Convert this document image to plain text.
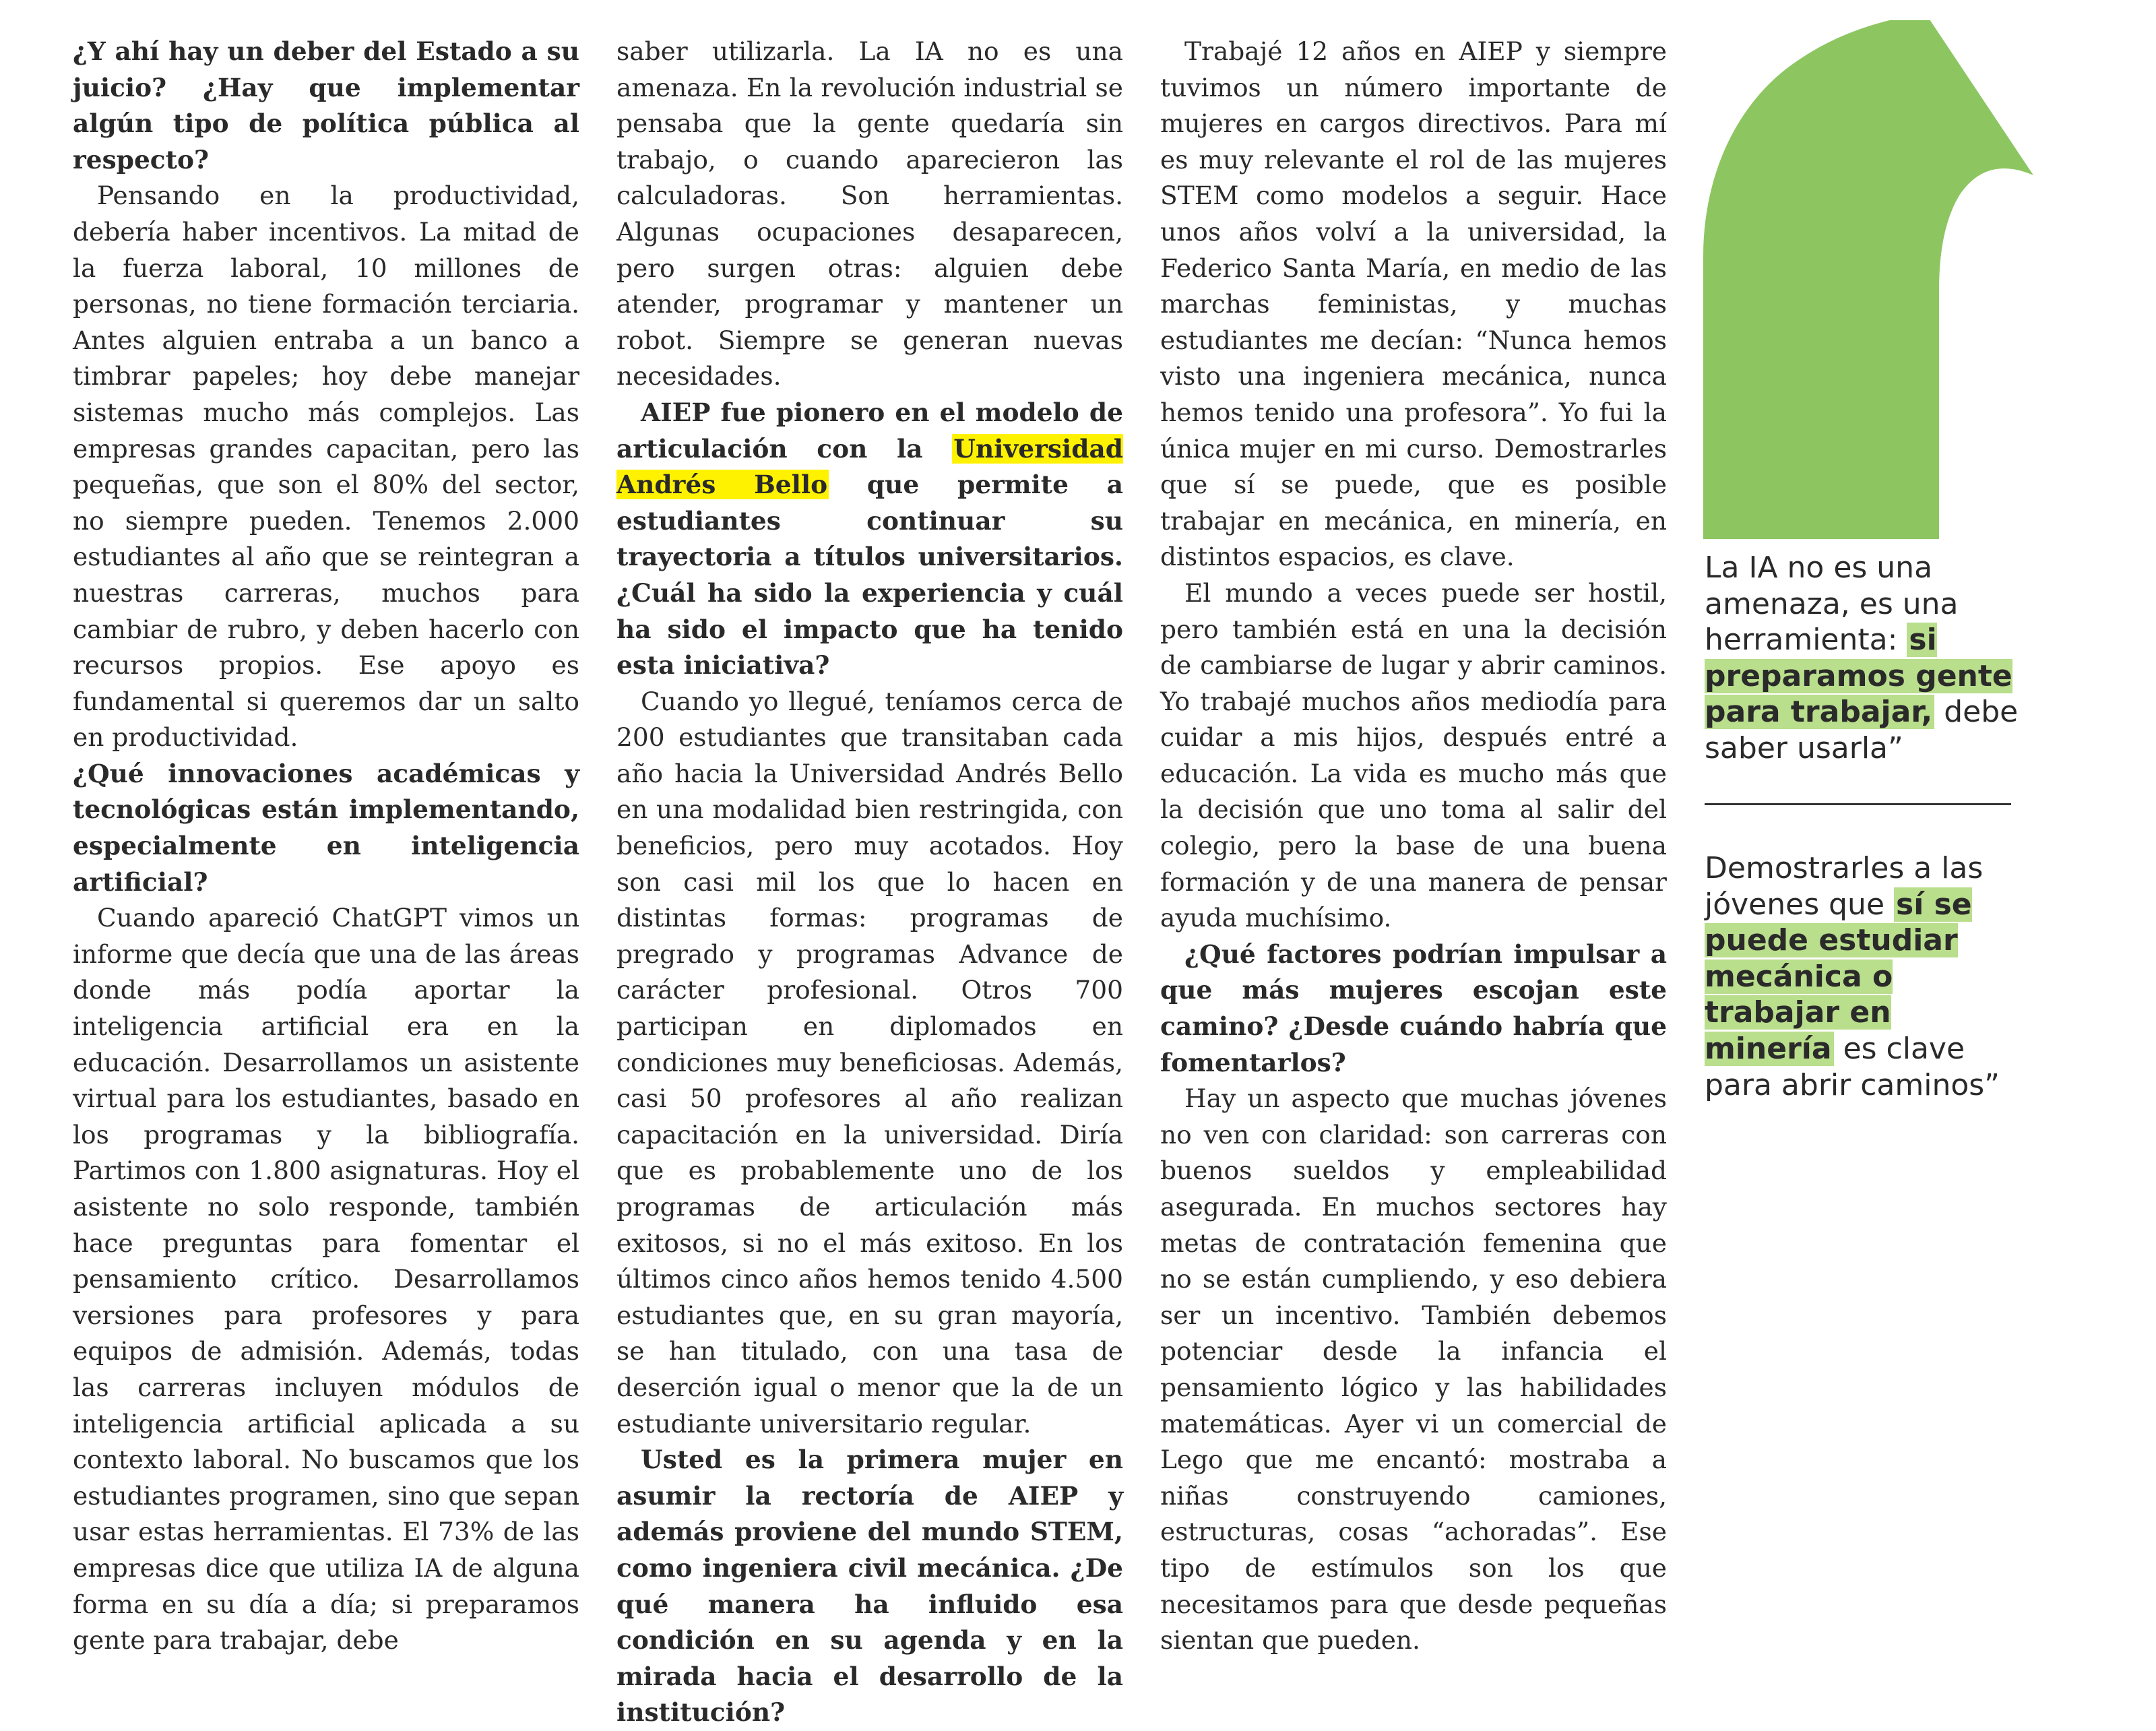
¿Y ahí hay un deber del Estado a su juicio? ¿Hay que implementar algún tipo de política pública al respecto?

Pensando en la productividad, debería haber incentivos. La mitad de la fuerza laboral, 10 millones de personas, no tiene formación terciaria. Antes alguien entraba a un banco a timbrar papeles; hoy debe manejar sistemas mucho más complejos. Las empresas grandes capacitan, pero las pequeñas, que son el 80% del sector, no siempre pueden. Tenemos 2.000 estudiantes al año que se reintegran a nuestras carreras, muchos para cambiar de rubro, y deben hacerlo con recursos propios. Ese apoyo es fundamental si queremos dar un salto en productividad.

¿Qué innovaciones académicas y tecnológicas están implementando, especialmente en inteligencia artificial?

Cuando apareció ChatGPT vimos un informe que decía que una de las áreas donde más podía aportar la inteligencia artificial era en la educación. Desarrollamos un asistente virtual para los estudiantes, basado en los programas y la bibliografía. Partimos con 1.800 asignaturas. Hoy el asistente no solo responde, también hace preguntas para fomentar el pensamiento crítico. Desarrollamos versiones para profesores y para equipos de admisión. Además, todas las carreras incluyen módulos de inteligencia artificial aplicada a su contexto laboral. No buscamos que los estudiantes programen, sino que sepan usar estas herramientas. El 73% de las empresas dice que utiliza IA de alguna forma en su día a día; si preparamos gente para trabajar, debe

saber utilizarla. La IA no es una amenaza. En la revolución industrial se pensaba que la gente quedaría sin trabajo, o cuando aparecieron las calculadoras. Son herramientas. Algunas ocupaciones desaparecen, pero surgen otras: alguien debe atender, programar y mantener un robot. Siempre se generan nuevas necesidades.

AIEP fue pionero en el modelo de articulación con la Universidad Andrés Bello que permite a estudiantes continuar su trayectoria a títulos universitarios. ¿Cuál ha sido la experiencia y cuál ha sido el impacto que ha tenido esta iniciativa?

Cuando yo llegué, teníamos cerca de 200 estudiantes que transitaban cada año hacia la Universidad Andrés Bello en una modalidad bien restringida, con beneficios, pero muy acotados. Hoy son casi mil los que lo hacen en distintas formas: programas de pregrado y programas Advance de carácter profesional. Otros 700 participan en diplomados en condiciones muy beneficiosas. Además, casi 50 profesores al año realizan capacitación en la universidad. Diría que es probablemente uno de los programas de articulación más exitosos, si no el más exitoso. En los últimos cinco años hemos tenido 4.500 estudiantes que, en su gran mayoría, se han titulado, con una tasa de deserción igual o menor que la de un estudiante universitario regular.

Usted es la primera mujer en asumir la rectoría de AIEP y además proviene del mundo STEM, como ingeniera civil mecánica. ¿De qué manera ha influido esa condición en su agenda y en la mirada hacia el desarrollo de la institución?

Trabajé 12 años en AIEP y siempre tuvimos un número importante de mujeres en cargos directivos. Para mí es muy relevante el rol de las mujeres STEM como modelos a seguir. Hace unos años volví a la universidad, la Federico Santa María, en medio de las marchas feministas, y muchas estudiantes me decían: “Nunca hemos visto una ingeniera mecánica, nunca hemos tenido una profesora”. Yo fui la única mujer en mi curso. Demostrarles que sí se puede, que es posible trabajar en mecánica, en minería, en distintos espacios, es clave.

El mundo a veces puede ser hostil, pero también está en una la decisión de cambiarse de lugar y abrir caminos. Yo trabajé muchos años mediodía para cuidar a mis hijos, después entré a educación. La vida es mucho más que la decisión que uno toma al salir del colegio, pero la base de una buena formación y de una manera de pensar ayuda muchísimo.

¿Qué factores podrían impulsar a que más mujeres escojan este camino? ¿Desde cuándo habría que fomentarlos?

Hay un aspecto que muchas jóvenes no ven con claridad: son carreras con buenos sueldos y empleabilidad asegurada. En muchos sectores hay metas de contratación femenina que no se están cumpliendo, y eso debiera ser un incentivo. También debemos potenciar desde la infancia el pensamiento lógico y las habilidades matemáticas. Ayer vi un comercial de Lego que me encantó: mostraba a niñas construyendo camiones, estructuras, cosas “achoradas”. Ese tipo de estímulos son los que necesitamos para que desde pequeñas sientan que pueden.

La IA no es una amenaza, es una herramienta: si preparamos gente para trabajar, debe saber usarla”
Demostrarles a las jóvenes que sí se puede estudiar mecánica o trabajar en minería es clave para abrir caminos”
